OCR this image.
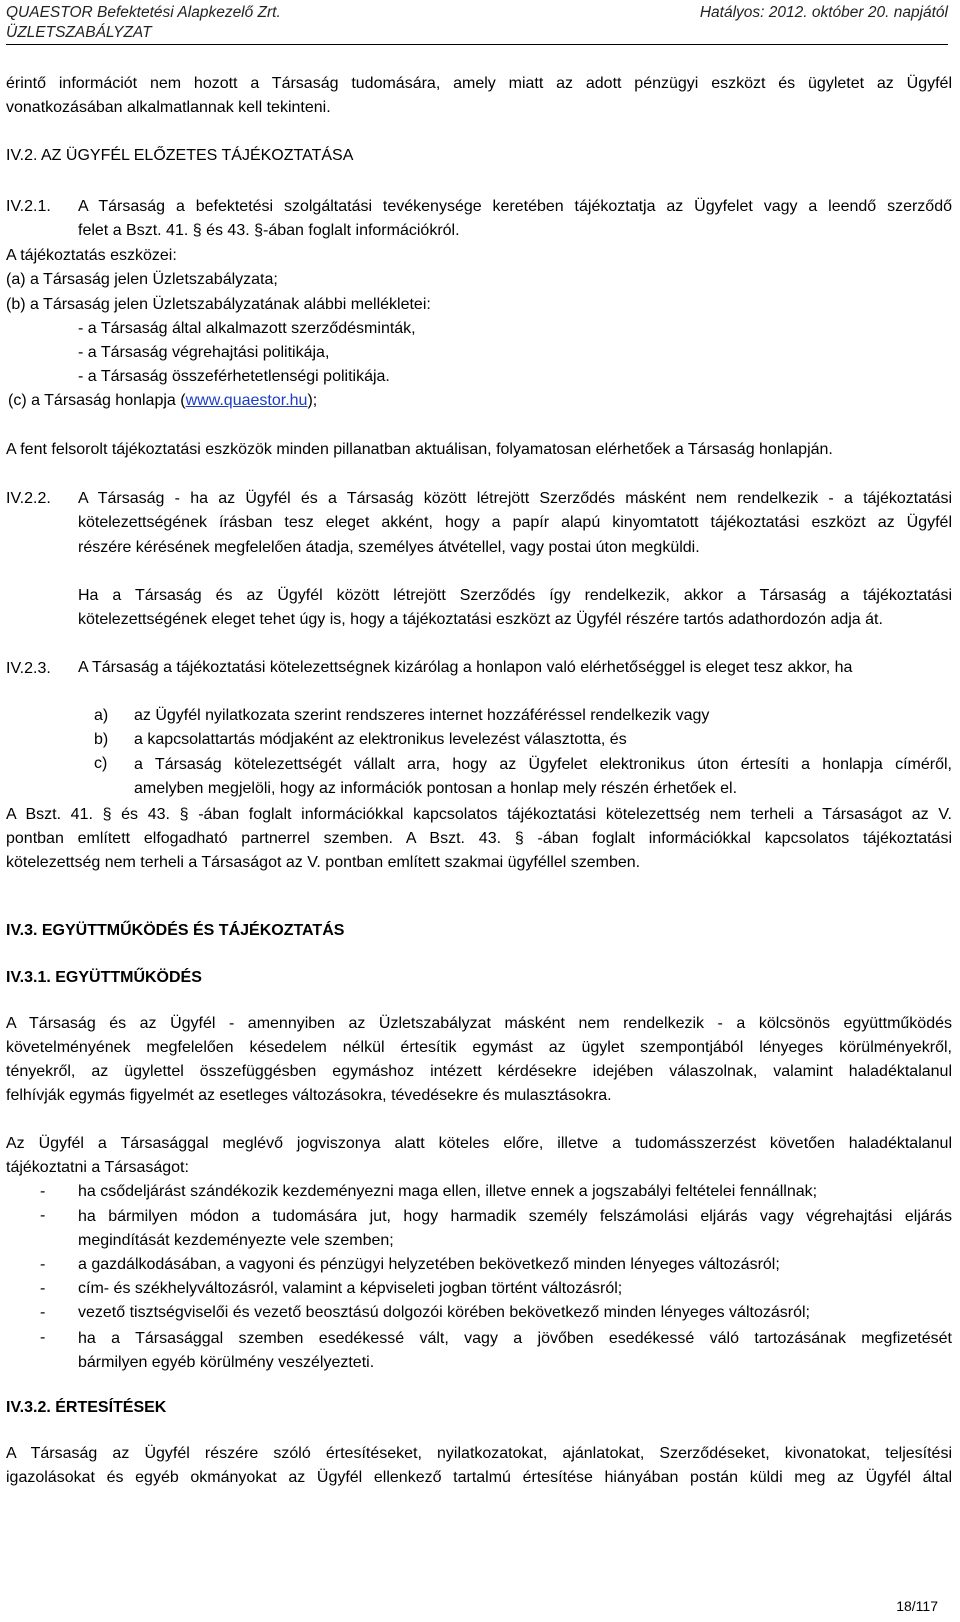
QUAESTOR Befektetési Alapkezelő Zrt.
ÜZLETSZABÁLYZAT
Hatályos: 2012. október 20. napjától
érintő információt nem hozott a Társaság tudomására, amely miatt az adott pénzügyi eszközt és ügyletet az Ügyfél
vonatkozásában alkalmatlannak kell tekinteni.
IV.2. AZ ÜGYFÉL ELŐZETES TÁJÉKOZTATÁSA
IV.2.1. A Társaság a befektetési szolgáltatási tevékenysége keretében tájékoztatja az Ügyfelet vagy a leendő szerződő
felet a Bszt. 41. § és 43. §-ában foglalt információkról.
A tájékoztatás eszközei:
(a) a Társaság jelen Üzletszabályzata;
(b) a Társaság jelen Üzletszabályzatának alábbi mellékletei:
- a Társaság által alkalmazott szerződésminták,
- a Társaság végrehajtási politikája,
- a Társaság összeférhetetlenségi politikája.
(c) a Társaság honlapja (www.quaestor.hu);
A fent felsorolt tájékoztatási eszközök minden pillanatban aktuálisan, folyamatosan elérhetőek a Társaság honlapján.
IV.2.2. A Társaság - ha az Ügyfél és a Társaság között létrejött Szerződés másként nem rendelkezik - a tájékoztatási
kötelezettségének írásban tesz eleget akként, hogy a papír alapú kinyomtatott tájékoztatási eszközt az Ügyfél
részére kérésének megfelelően átadja, személyes átvétellel, vagy postai úton megküldi.
Ha a Társaság és az Ügyfél között létrejött Szerződés így rendelkezik, akkor a Társaság a tájékoztatási
kötelezettségének eleget tehet úgy is, hogy a tájékoztatási eszközt az Ügyfél részére tartós adathordozón adja át.
IV.2.3. A Társaság a tájékoztatási kötelezettségnek kizárólag a honlapon való elérhetőséggel is eleget tesz akkor, ha
a) az Ügyfél nyilatkozata szerint rendszeres internet hozzáféréssel rendelkezik vagy
b) a kapcsolattartás módjaként az elektronikus levelezést választotta, és
c) a Társaság kötelezettségét vállalt arra, hogy az Ügyfelet elektronikus úton értesíti a honlapja címéről,
amelyben megjelöli, hogy az információk pontosan a honlap mely részén érhetőek el.
A Bszt. 41. § és 43. § -ában foglalt információkkal kapcsolatos tájékoztatási kötelezettség nem terheli a Társaságot az V.
pontban említett elfogadható partnerrel szemben. A Bszt. 43. § -ában foglalt információkkal kapcsolatos tájékoztatási
kötelezettség nem terheli a Társaságot az V. pontban említett szakmai ügyféllel szemben.
IV.3. EGYÜTTMŰKÖDÉS ÉS TÁJÉKOZTATÁS
IV.3.1. EGYÜTTMŰKÖDÉS
A Társaság és az Ügyfél - amennyiben az Üzletszabályzat másként nem rendelkezik - a kölcsönös együttműködés
követelményének megfelelően késedelem nélkül értesítik egymást az ügylet szempontjából lényeges körülményekről,
tényekről, az ügylettel összefüggésben egymáshoz intézett kérdésekre idejében válaszolnak, valamint haladéktalanul
felhívják egymás figyelmét az esetleges változásokra, tévedésekre és mulasztásokra.
Az Ügyfél a Társasággal meglévő jogviszonya alatt köteles előre, illetve a tudomásszerzést követően haladéktalanul
tájékoztatni a Társaságot:
- ha csődeljárást szándékozik kezdeményezni maga ellen, illetve ennek a jogszabályi feltételei fennállnak;
- ha bármilyen módon a tudomására jut, hogy harmadik személy felszámolási eljárás vagy végrehajtási eljárás
megindítását kezdeményezte vele szemben;
- a gazdálkodásában, a vagyoni és pénzügyi helyzetében bekövetkező minden lényeges változásról;
- cím- és székhelyváltozásról, valamint a képviseleti jogban történt változásról;
- vezető tisztségviselői és vezető beosztású dolgozói körében bekövetkező minden lényeges változásról;
- ha a Társasággal szemben esedékessé vált, vagy a jövőben esedékessé váló tartozásának megfizetését
bármilyen egyéb körülmény veszélyezteti.
IV.3.2. ÉRTESÍTÉSEK
A Társaság az Ügyfél részére szóló értesítéseket, nyilatkozatokat, ajánlatokat, Szerződéseket, kivonatokat, teljesítési
igazolásokat és egyéb okmányokat az Ügyfél ellenkező tartalmú értesítése hiányában postán küldi meg az Ügyfél által
18/117
